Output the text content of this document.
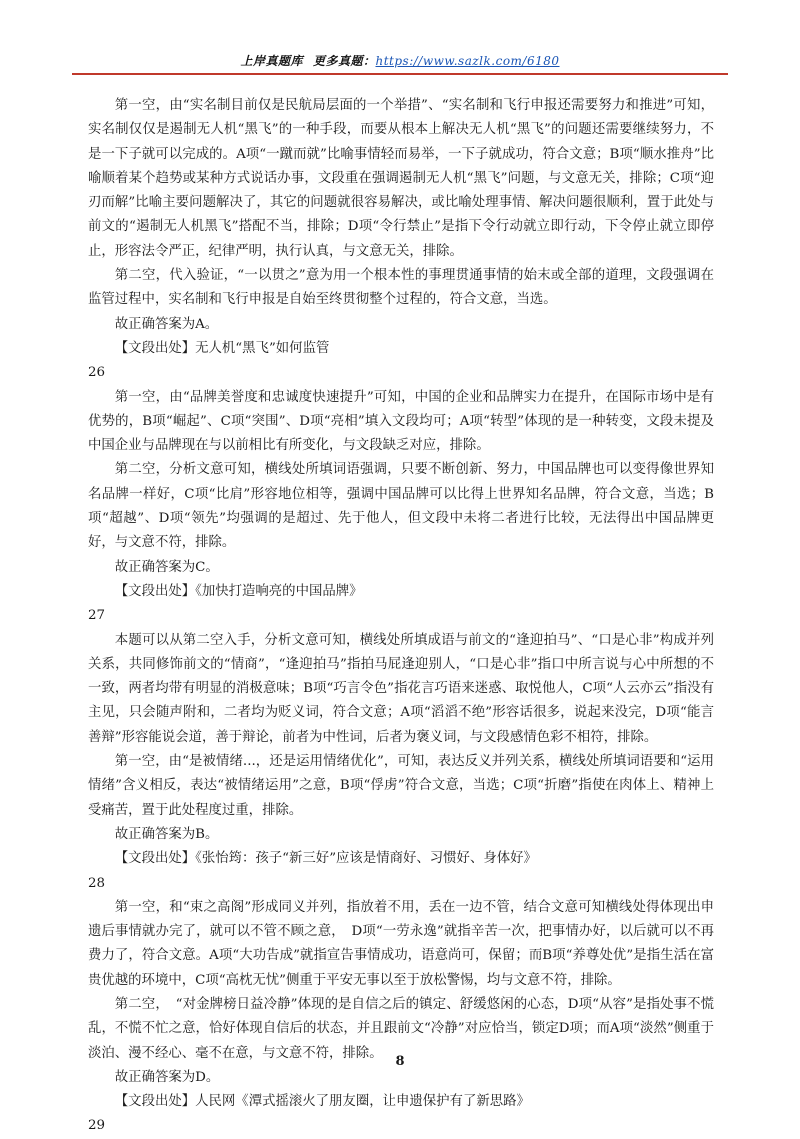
上岸真题库 更多真题：https://www.sazlk.com/6180

第一空，由“实名制目前仅是民航局层面的一个举措”、“实名制和飞行申报还需要努力和推进”可知，实名制仅仅是遏制无人机“黑飞”的一种手段，而要从根本上解决无人机“黑飞”的问题还需要继续努力，不是一下子就可以完成的。A项“一蹴而就”比喻事情轻而易举，一下子就成功，符合文意；B项“顺水推舟”比喻顺着某个趋势或某种方式说话办事，文段重在强调遏制无人机“黑飞”问题，与文意无关，排除；C项“迎刃而解”比喻主要问题解决了，其它的问题就很容易解决，或比喻处理事情、解决问题很顺利，置于此处与前文的“遏制无人机黑飞”搭配不当，排除；D项“令行禁止”是指下令行动就立即行动，下令停止就立即停止，形容法令严正，纪律严明，执行认真，与文意无关，排除。

第二空，代入验证，“一以贯之”意为用一个根本性的事理贯通事情的始末或全部的道理，文段强调在监管过程中，实名制和飞行申报是自始至终贯彻整个过程的，符合文意，当选。

故正确答案为A。

【文段出处】无人机“黑飞”如何监管

26

第一空，由“品牌美誉度和忠诚度快速提升”可知，中国的企业和品牌实力在提升，在国际市场中是有优势的，B项“崛起”、C项“突围”、D项“亮相”填入文段均可；A项“转型”体现的是一种转变，文段未提及中国企业与品牌现在与以前相比有所变化，与文段缺乏对应，排除。

第二空，分析文意可知，横线处所填词语强调，只要不断创新、努力，中国品牌也可以变得像世界知名品牌一样好，C项“比肩”形容地位相等，强调中国品牌可以比得上世界知名品牌，符合文意，当选；B项“超越”、D项“领先”均强调的是超过、先于他人，但文段中未将二者进行比较，无法得出中国品牌更好，与文意不符，排除。

故正确答案为C。

【文段出处】《加快打造响亮的中国品牌》

27

本题可以从第二空入手，分析文意可知，横线处所填成语与前文的“逢迎拍马”、“口是心非”构成并列关系，共同修饰前文的“情商”，“逢迎拍马”指拍马屁逢迎别人，“口是心非”指口中所言说与心中所想的不一致，两者均带有明显的消极意味；B项“巧言令色”指花言巧语来迷惑、取悦他人，C项“人云亦云”指没有主见，只会随声附和，二者均为贬义词，符合文意；A项“滔滔不绝”形容话很多，说起来没完，D项“能言善辩”形容能说会道，善于辩论，前者为中性词，后者为褒义词，与文段感情色彩不相符，排除。

第一空，由“是被情绪...，还是运用情绪优化”，可知，表达反义并列关系，横线处所填词语要和“运用情绪”含义相反，表达“被情绪运用”之意，B项“俘虏”符合文意，当选；C项“折磨”指使在肉体上、精神上受痛苦，置于此处程度过重，排除。

故正确答案为B。

【文段出处】《张怡筠：孩子“新三好”应该是情商好、习惯好、身体好》

28

第一空，和“束之高阁”形成同义并列，指放着不用，丢在一边不管，结合文意可知横线处得体现出申遗后事情就办完了，就可以不管不顾之意，　D项“一劳永逸”就指辛苦一次，把事情办好，以后就可以不再费力了，符合文意。A项“大功告成”就指宣告事情成功，语意尚可，保留；而B项“养尊处优”是指生活在富贵优越的环境中，C项“高枕无忧”侧重于平安无事以至于放松警惕，均与文意不符，排除。

第二空，　“对金牌榜日益冷静”体现的是自信之后的镇定、舒缓悠闲的心态，D项“从容”是指处事不慌乱，不慌不忙之意，恰好体现自信后的状态，并且跟前文“冷静”对应恰当，锁定D项；而A项“淡然”侧重于淡泊、漫不经心、毫不在意，与文意不符，排除。

故正确答案为D。

【文段出处】人民网《潭式摇滚火了朋友圈，让申遗保护有了新思路》

29

8
